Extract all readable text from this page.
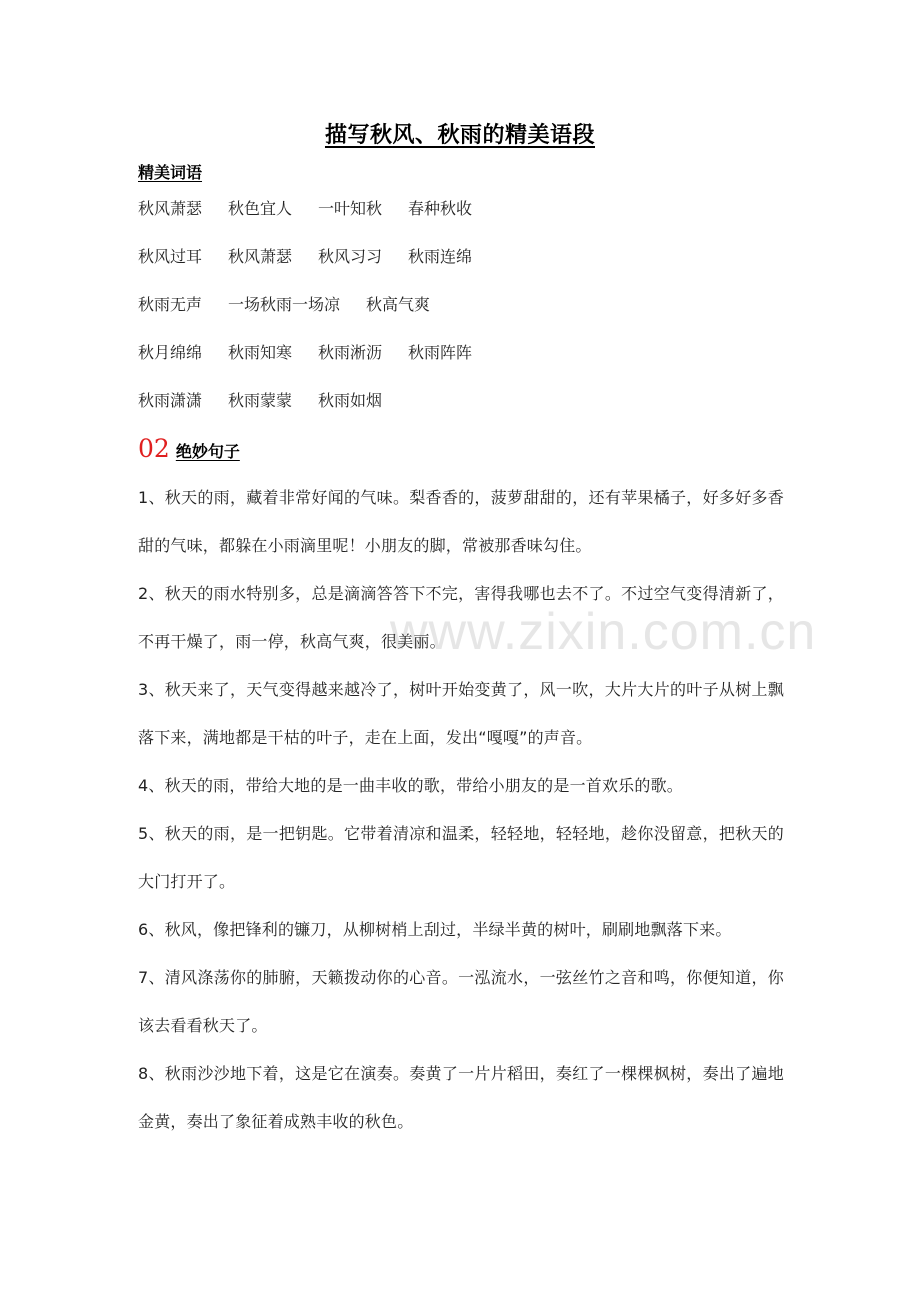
www.zixin.com.cn
描写秋风、秋雨的精美语段
精美词语
秋风萧瑟 秋色宜人 一叶知秋 春种秋收
秋风过耳 秋风萧瑟 秋风习习 秋雨连绵
秋雨无声 一场秋雨一场凉 秋高气爽
秋月绵绵 秋雨知寒 秋雨淅沥 秋雨阵阵
秋雨潇潇 秋雨蒙蒙 秋雨如烟
02 绝妙句子
1、秋天的雨，藏着非常好闻的气味。梨香香的，菠萝甜甜的，还有苹果橘子，好多好多香甜的气味，都躲在小雨滴里呢！小朋友的脚，常被那香味勾住。
2、秋天的雨水特别多，总是滴滴答答下不完，害得我哪也去不了。不过空气变得清新了，不再干燥了，雨一停，秋高气爽，很美丽。
3、秋天来了，天气变得越来越冷了，树叶开始变黄了，风一吹，大片大片的叶子从树上飘落下来，满地都是干枯的叶子，走在上面，发出“嘎嘎”的声音。
4、秋天的雨，带给大地的是一曲丰收的歌，带给小朋友的是一首欢乐的歌。
5、秋天的雨，是一把钥匙。它带着清凉和温柔，轻轻地，轻轻地，趁你没留意，把秋天的大门打开了。
6、秋风，像把锋利的镰刀，从柳树梢上刮过，半绿半黄的树叶，刷刷地飘落下来。
7、清风涤荡你的肺腑，天籁拨动你的心音。一泓流水，一弦丝竹之音和鸣，你便知道，你该去看看秋天了。
8、秋雨沙沙地下着，这是它在演奏。奏黄了一片片稻田，奏红了一棵棵枫树，奏出了遍地金黄，奏出了象征着成熟丰收的秋色。
